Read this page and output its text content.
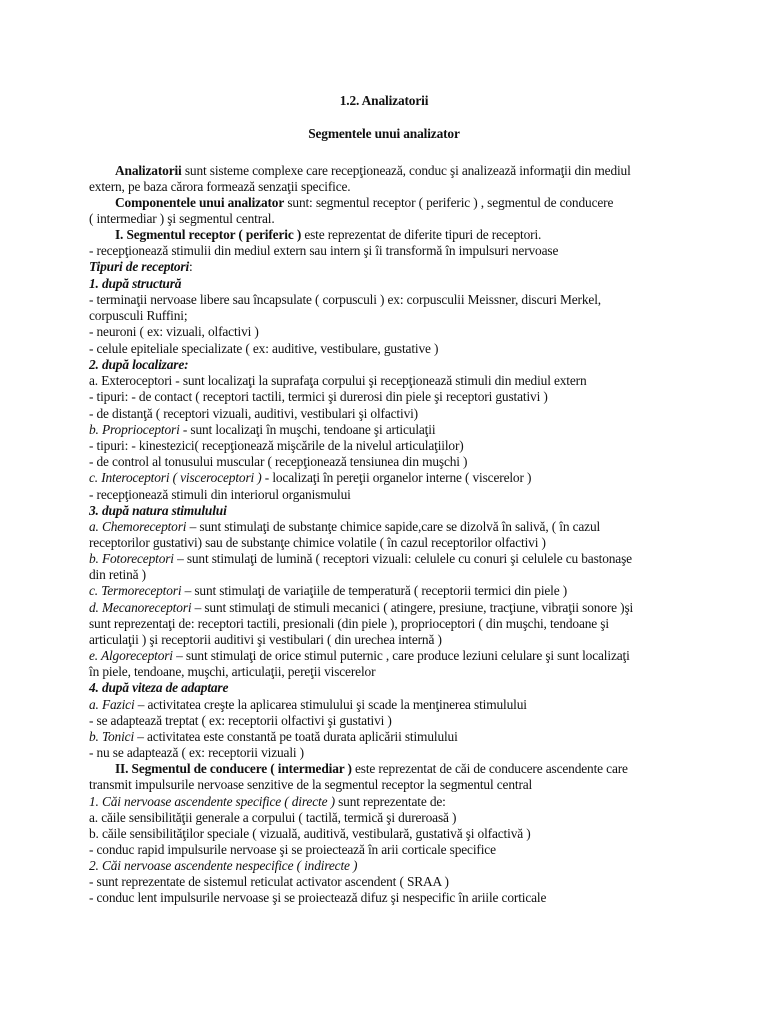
1.2. Analizatorii
Segmentele unui analizator
Analizatorii sunt sisteme complexe care recepţionează, conduc şi analizează informaţii din mediul
extern, pe baza cărora formează senzaţii specifice.
Componentele unui analizator sunt: segmentul receptor ( periferic ) , segmentul de conducere
( intermediar ) şi segmentul central.
I. Segmentul receptor ( periferic ) este reprezentat de diferite tipuri de receptori.
- recepţionează stimulii din mediul extern sau intern şi îi transformă în impulsuri nervoase
Tipuri de receptori:
1. după structură
- terminaţii nervoase libere sau încapsulate ( corpusculi ) ex: corpusculii Meissner, discuri Merkel,
corpusculi Ruffini;
- neuroni ( ex: vizuali, olfactivi )
- celule epiteliale specializate ( ex: auditive, vestibulare, gustative )
2. după localizare:
a. Exteroceptori - sunt localizaţi la suprafaţa corpului şi recepţionează stimuli din mediul extern
- tipuri: - de contact ( receptori tactili, termici şi durerosi din piele şi receptori gustativi )
- de distanţă ( receptori vizuali, auditivi, vestibulari şi olfactivi)
b. Proprioceptori - sunt localizaţi în muşchi, tendoane şi articulaţii
- tipuri: - kinestezici( recepţionează mişcările de la nivelul articulaţiilor)
- de control al tonusului muscular ( recepţionează tensiunea din muşchi )
c. Interoceptori ( visceroceptori ) - localizaţi în pereţii organelor interne ( viscerelor )
- recepţionează stimuli din interiorul organismului
3. după natura stimulului
a. Chemoreceptori – sunt stimulaţi de substanţe chimice sapide,care se dizolvă în salivă, ( în cazul
receptorilor gustativi) sau de substanţe chimice volatile ( în cazul receptorilor olfactivi )
b. Fotoreceptori – sunt stimulaţi de lumină ( receptori vizuali: celulele cu conuri şi celulele cu bastonaşe
din retină )
c. Termoreceptori – sunt stimulaţi de variaţiile de temperatură ( receptorii termici din piele )
d. Mecanoreceptori – sunt stimulaţi de stimuli mecanici ( atingere, presiune, tracţiune, vibraţii sonore )şi
sunt reprezentaţi de: receptori tactili, presionali (din piele ), proprioceptori ( din muşchi, tendoane şi
articulaţii ) şi receptorii auditivi şi vestibulari ( din urechea internă )
e. Algoreceptori – sunt stimulaţi de orice stimul puternic , care produce leziuni celulare şi sunt localizaţi
în piele, tendoane, muşchi, articulaţii, pereţii viscerelor
4. după viteza de adaptare
a. Fazici – activitatea creşte la aplicarea stimulului şi scade la menţinerea stimulului
- se adaptează treptat ( ex: receptorii olfactivi şi gustativi )
b. Tonici – activitatea este constantă pe toată durata aplicării stimulului
- nu se adaptează ( ex: receptorii vizuali )
II. Segmentul de conducere ( intermediar ) este reprezentat de căi de conducere ascendente care
transmit impulsurile nervoase senzitive de la segmentul receptor la segmentul central
1. Căi nervoase ascendente specifice ( directe ) sunt reprezentate de:
a. căile sensibilităţii generale a corpului ( tactilă, termică şi dureroasă )
b. căile sensibilităţilor speciale ( vizuală, auditivă, vestibulară, gustativă şi olfactivă )
- conduc rapid impulsurile nervoase şi se proiectează în arii corticale specifice
2. Căi nervoase ascendente nespecifice ( indirecte )
- sunt reprezentate de sistemul reticulat activator ascendent ( SRAA )
- conduc lent impulsurile nervoase şi se proiectează difuz şi nespecific în ariile corticale
